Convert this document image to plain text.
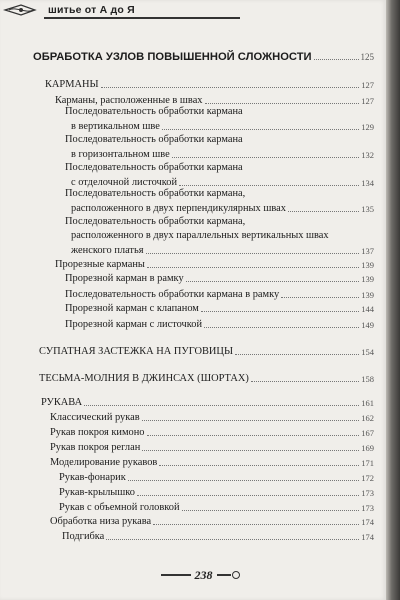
шитье от А до Я
ОБРАБОТКА УЗЛОВ ПОВЫШЕННОЙ СЛОЖНОСТИ	125
КАРМАНЫ	127
Карманы, расположенные в швах	127
Последовательность обработки кармана
в вертикальном шве	129
Последовательность обработки кармана
в горизонтальном шве	132
Последовательность обработки кармана
с отделочной листочкой	134
Последовательность обработки кармана,
расположенного в двух перпендикулярных швах	135
Последовательность обработки кармана,
расположенного в двух параллельных вертикальных швах
женского платья	137
Прорезные карманы	139
Прорезной карман в рамку	139
Последовательность обработки кармана в рамку	139
Прорезной карман с клапаном	144
Прорезной карман с листочкой	149
СУПАТНАЯ ЗАСТЕЖКА НА ПУГОВИЦЫ	154
ТЕСЬМА-МОЛНИЯ В ДЖИНСАХ (ШОРТАХ)	158
РУКАВА	161
Классический рукав	162
Рукав покроя кимоно	167
Рукав покроя реглан	169
Моделирование рукавов	171
Рукав-фонарик	172
Рукав-крылышко	173
Рукав с объемной головкой	173
Обработка низа рукава	174
Подгибка	174
238
